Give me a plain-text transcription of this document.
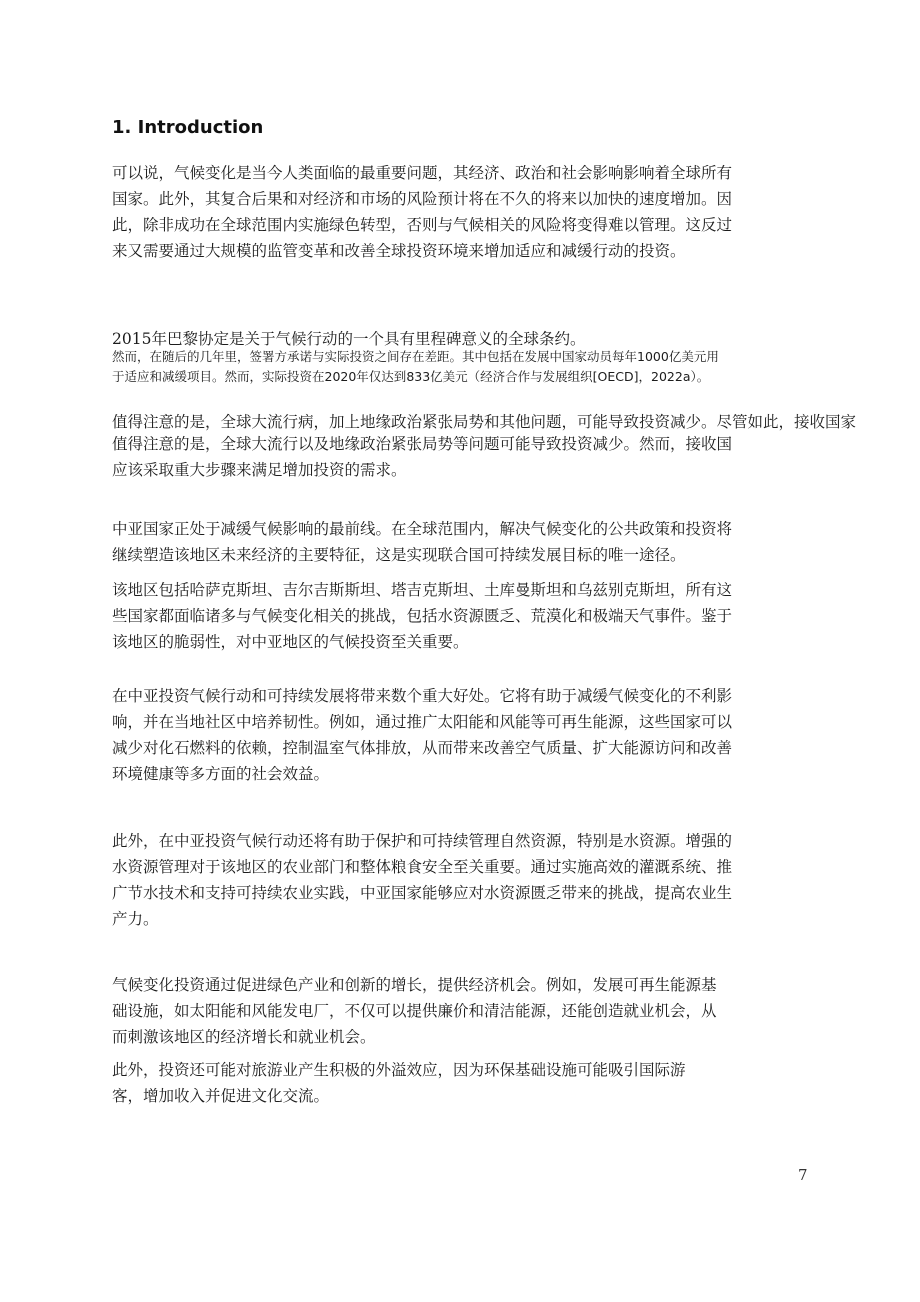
1. Introduction
可以说，气候变化是当今人类面临的最重要问题，其经济、政治和社会影响影响着全球所有
国家。此外，其复合后果和对经济和市场的风险预计将在不久的将来以加快的速度增加。因
此，除非成功在全球范围内实施绿色转型，否则与气候相关的风险将变得难以管理。这反过
来又需要通过大规模的监管变革和改善全球投资环境来增加适应和减缓行动的投资。
2015年巴黎协定是关于气候行动的一个具有里程碑意义的全球条约。
然而，在随后的几年里，签署方承诺与实际投资之间存在差距。其中包括在发展中国家动员每年1000亿美元用
于适应和减缓项目。然而，实际投资在2020年仅达到833亿美元（经济合作与发展组织[OECD]，2022a）。
值得注意的是，全球大流行病，加上地缘政治紧张局势和其他问题，可能导致投资减少。尽管如此，接收国家
值得注意的是，全球大流行以及地缘政治紧张局势等问题可能导致投资减少。然而，接收国
应该采取重大步骤来满足增加投资的需求。
中亚国家正处于减缓气候影响的最前线。在全球范围内，解决气候变化的公共政策和投资将
继续塑造该地区未来经济的主要特征，这是实现联合国可持续发展目标的唯一途径。
该地区包括哈萨克斯坦、吉尔吉斯斯坦、塔吉克斯坦、土库曼斯坦和乌兹别克斯坦，所有这
些国家都面临诸多与气候变化相关的挑战，包括水资源匮乏、荒漠化和极端天气事件。鉴于
该地区的脆弱性，对中亚地区的气候投资至关重要。
在中亚投资气候行动和可持续发展将带来数个重大好处。它将有助于减缓气候变化的不利影
响，并在当地社区中培养韧性。例如，通过推广太阳能和风能等可再生能源，这些国家可以
减少对化石燃料的依赖，控制温室气体排放，从而带来改善空气质量、扩大能源访问和改善
环境健康等多方面的社会效益。
此外，在中亚投资气候行动还将有助于保护和可持续管理自然资源，特别是水资源。增强的
水资源管理对于该地区的农业部门和整体粮食安全至关重要。通过实施高效的灌溉系统、推
广节水技术和支持可持续农业实践，中亚国家能够应对水资源匮乏带来的挑战，提高农业生
产力。
气候变化投资通过促进绿色产业和创新的增长，提供经济机会。例如，发展可再生能源基
础设施，如太阳能和风能发电厂，不仅可以提供廉价和清洁能源，还能创造就业机会，从
而刺激该地区的经济增长和就业机会。
此外，投资还可能对旅游业产生积极的外溢效应，因为环保基础设施可能吸引国际游
客，增加收入并促进文化交流。
7
